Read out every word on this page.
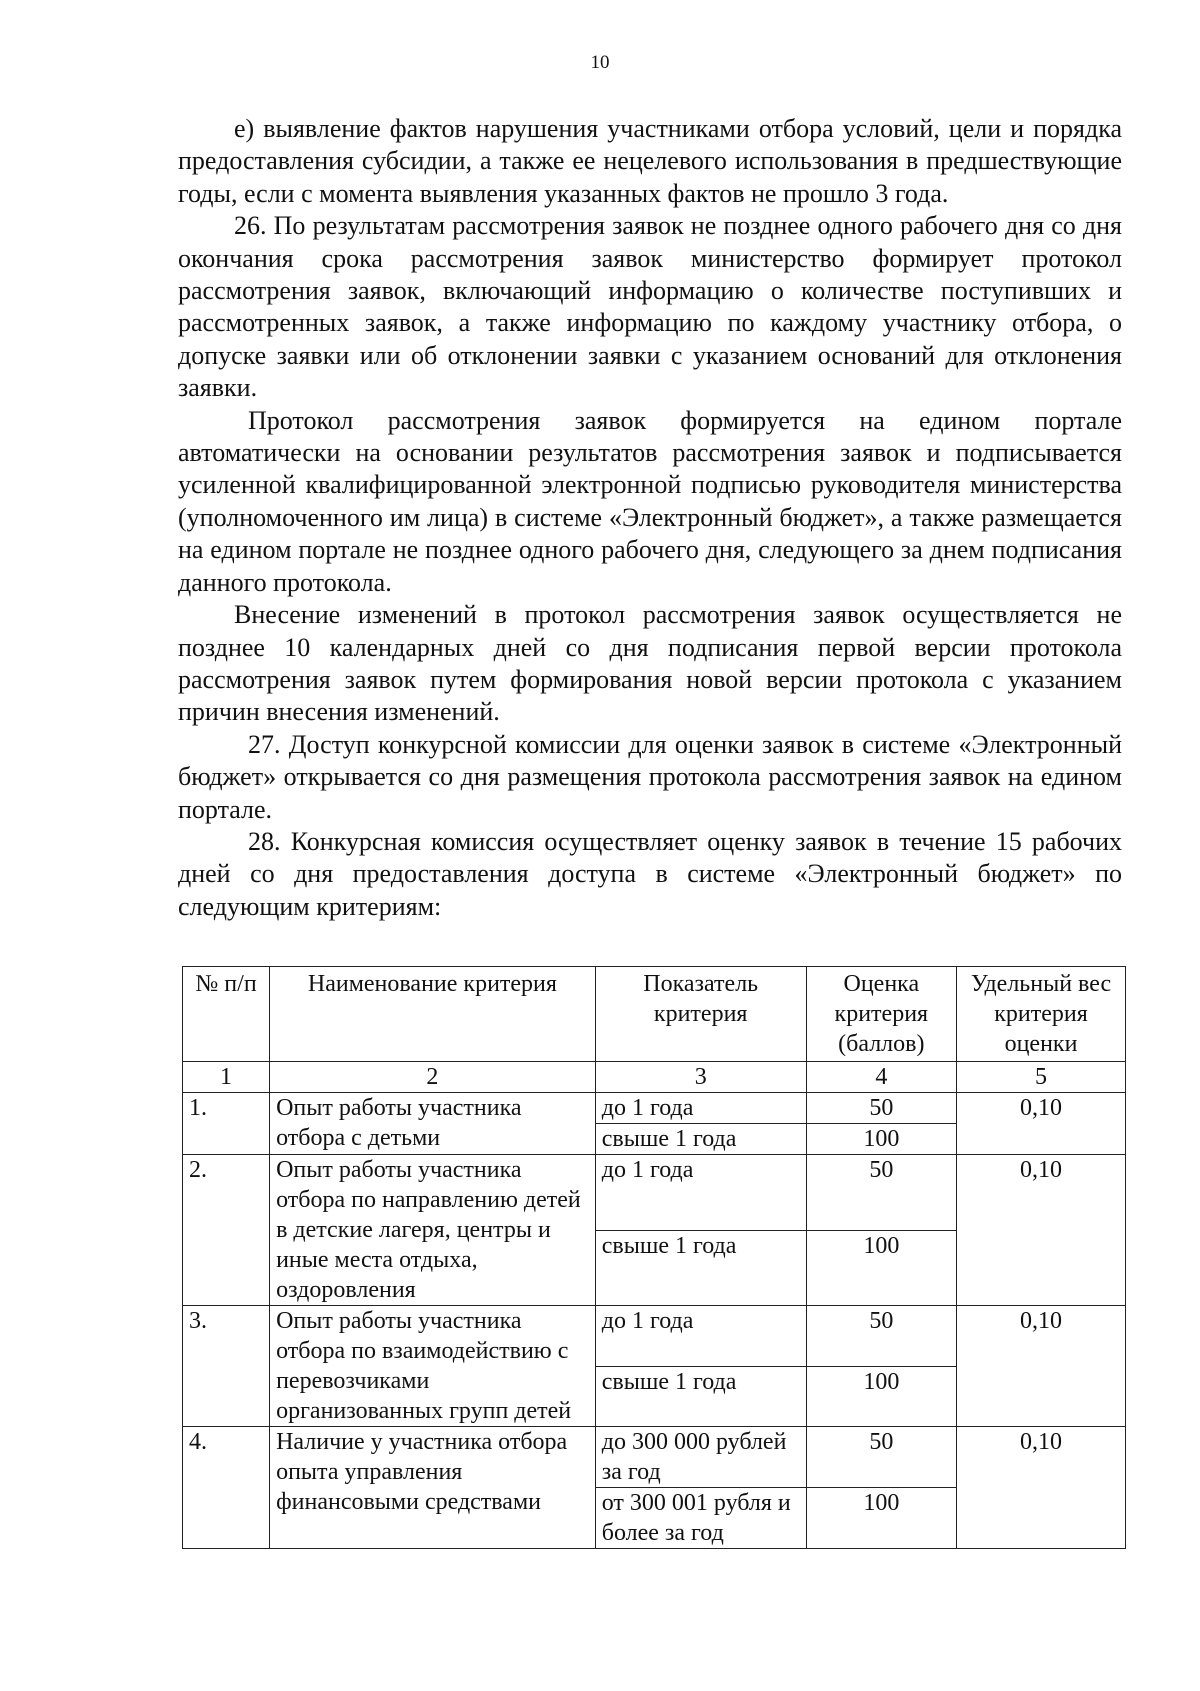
10

е) выявление фактов нарушения участниками отбора условий, цели и порядка предоставления субсидии, а также ее нецелевого использования в предшествующие годы, если с момента выявления указанных фактов не прошло 3 года.

26. По результатам рассмотрения заявок не позднее одного рабочего дня со дня окончания срока рассмотрения заявок министерство формирует протокол рассмотрения заявок, включающий информацию о количестве поступивших и рассмотренных заявок, а также информацию по каждому участнику отбора, о допуске заявки или об отклонении заявки с указанием оснований для отклонения заявки.

Протокол рассмотрения заявок формируется на едином портале автоматически на основании результатов рассмотрения заявок и подписывается усиленной квалифицированной электронной подписью руководителя министерства (уполномоченного им лица) в системе «Электронный бюджет», а также размещается на едином портале не позднее одного рабочего дня, следующего за днем подписания данного протокола.

Внесение изменений в протокол рассмотрения заявок осуществляется не позднее 10 календарных дней со дня подписания первой версии протокола рассмотрения заявок путем формирования новой версии протокола с указанием причин внесения изменений.

27. Доступ конкурсной комиссии для оценки заявок в системе «Электронный бюджет» открывается со дня размещения протокола рассмотрения заявок на едином портале.

28. Конкурсная комиссия осуществляет оценку заявок в течение 15 рабочих дней со дня предоставления доступа в системе «Электронный бюджет» по следующим критериям:

№ п/п	Наименование критерия	Показатель критерия	Оценка критерия (баллов)	Удельный вес критерия оценки
1	2	3	4	5
1.	Опыт работы участника отбора с детьми	до 1 года	50	0,10
		свыше 1 года	100	
2.	Опыт работы участника отбора по направлению детей в детские лагеря, центры и иные места отдыха, оздоровления	до 1 года	50	0,10
		свыше 1 года	100	
3.	Опыт работы участника отбора по взаимодействию с перевозчиками организованных групп детей	до 1 года	50	0,10
		свыше 1 года	100	
4.	Наличие у участника отбора опыта управления финансовыми средствами	до 300 000 рублей за год	50	0,10
		от 300 001 рубля и более за год	100	
